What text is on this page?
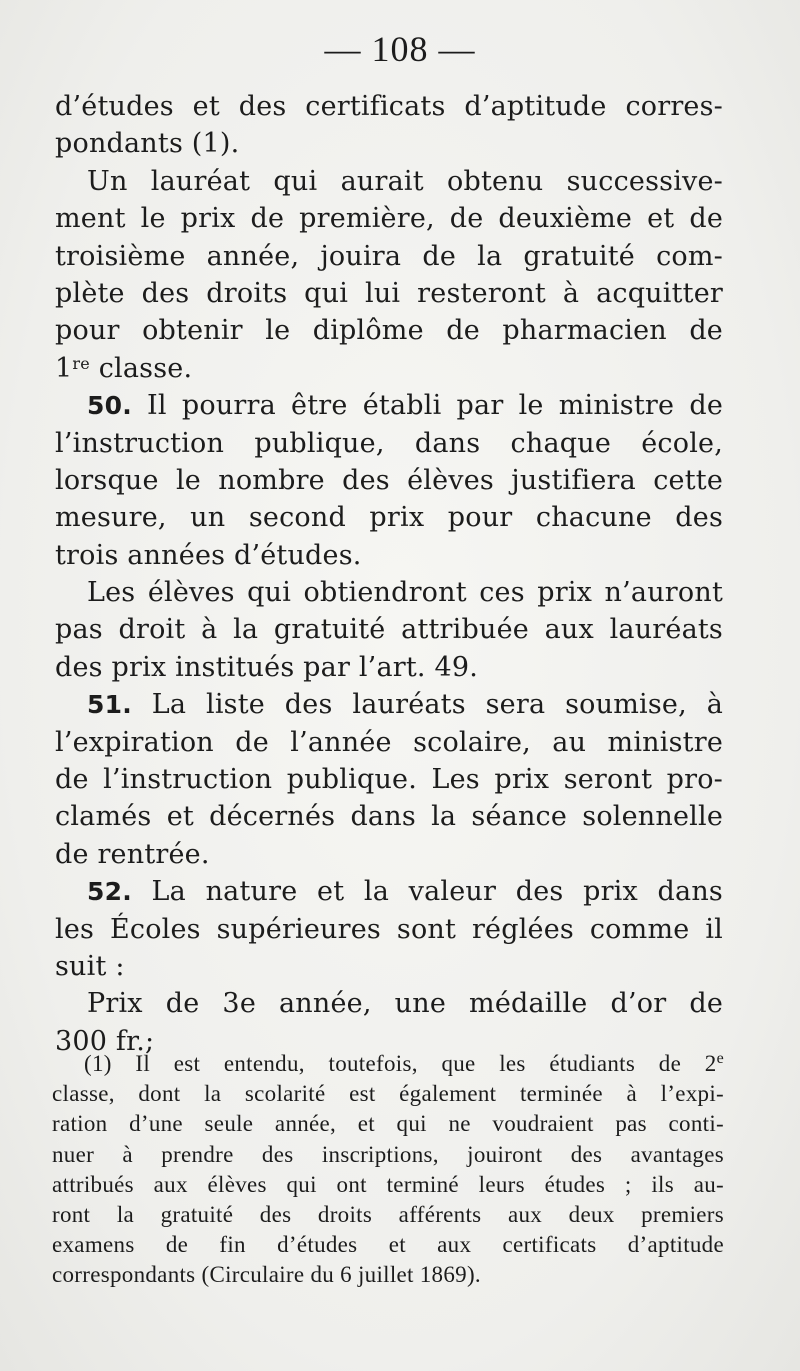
— 108 —
d’études et des certificats d’aptitude corres-
pondants (1).
Un lauréat qui aurait obtenu successive-
ment le prix de première, de deuxième et de
troisième année, jouira de la gratuité com-
plète des droits qui lui resteront à acquitter
pour obtenir le diplôme de pharmacien de
1re classe.
50. Il pourra être établi par le ministre de
l’instruction publique, dans chaque école,
lorsque le nombre des élèves justifiera cette
mesure, un second prix pour chacune des
trois années d’études.
Les élèves qui obtiendront ces prix n’auront
pas droit à la gratuité attribuée aux lauréats
des prix institués par l’art. 49.
51. La liste des lauréats sera soumise, à
l’expiration de l’année scolaire, au ministre
de l’instruction publique. Les prix seront pro-
clamés et décernés dans la séance solennelle
de rentrée.
52. La nature et la valeur des prix dans
les Écoles supérieures sont réglées comme il
suit :
Prix de 3e année, une médaille d’or de
300 fr.;
(1) Il est entendu, toutefois, que les étudiants de 2e
classe, dont la scolarité est également terminée à l’expi-
ration d’une seule année, et qui ne voudraient pas conti-
nuer à prendre des inscriptions, jouiront des avantages
attribués aux élèves qui ont terminé leurs études ; ils au-
ront la gratuité des droits afférents aux deux premiers
examens de fin d’études et aux certificats d’aptitude
correspondants (Circulaire du 6 juillet 1869).
